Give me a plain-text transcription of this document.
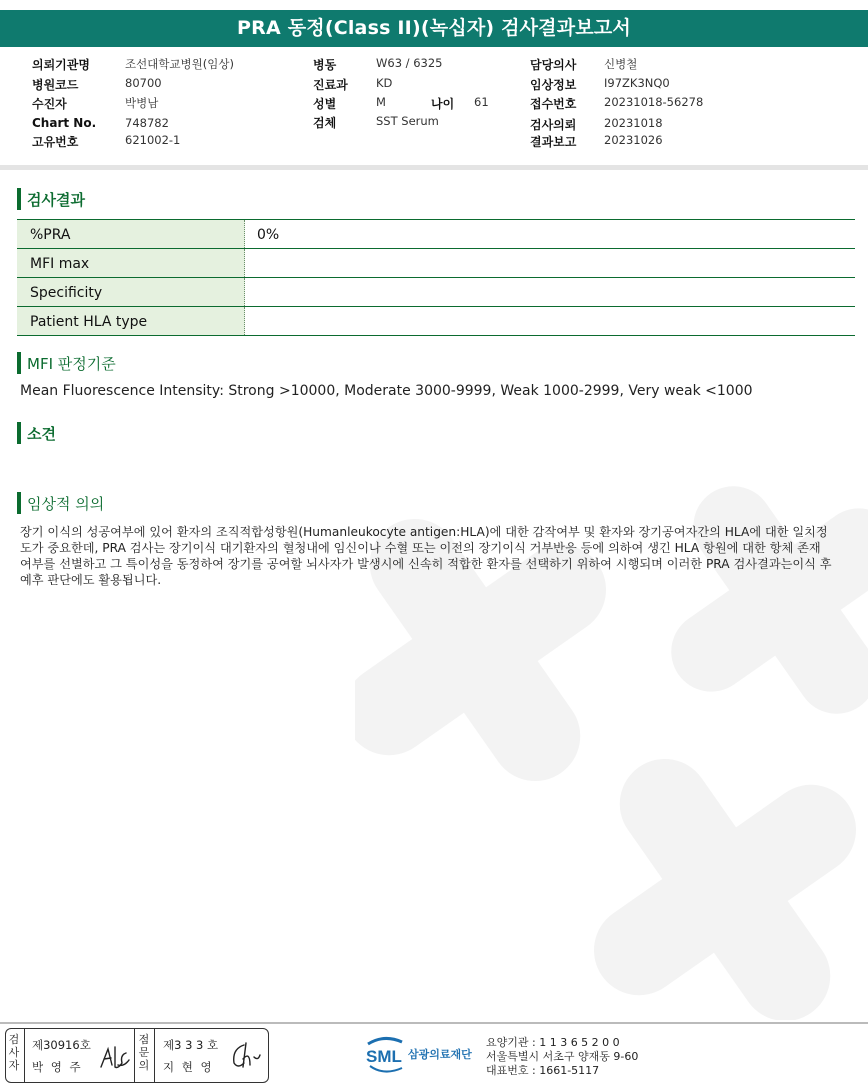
PRA 동정(Class II)(녹십자) 검사결과보고서
의뢰기관명	조선대학교병원(임상)
병원코드	80700
수진자	박병남
Chart No.	748782
고유번호	621002-1
병동	W63 / 6325
진료과 KD
성별	M	나이 61
검체	SST Serum
담당의사 신병철
임상정보 I97ZK3NQ0
접수번호 20231018-56278
검사의뢰 20231018
결과보고 20231026
검사결과
%PRA	0%
MFI max
Specificity
Patient HLA type
MFI 판정기준
Mean Fluorescence Intensity: Strong >10000, Moderate 3000-9999, Weak 1000-2999, Very weak <1000
소견
임상적 의의
장기 이식의 성공여부에 있어 환자의 조직적합성항원(Humanleukocyte antigen:HLA)에 대한 감작여부 및 환자와 장기공여자간의 HLA에 대한 일치정도가 중요한데, PRA 검사는 장기이식 대기환자의 혈청내에 임신이나 수혈 또는 이전의 장기이식 거부반응 등에 의하여 생긴 HLA 항원에 대한 항체 존재 여부를 선별하고 그 특이성을 동정하여 장기를 공여할 뇌사자가 발생시에 신속히 적합한 환자를 선택하기 위하여 시행되며 이러한 PRA 검사결과는이식 후 예후 판단에도 활용됩니다.
검
사
자
제30916호
박 영 주
점
문
의
제3 3 3 호
지 현 영
SML 삼광의료재단
요양기관 : 1 1 3 6 5 2 0 0
서울특별시 서초구 양재동 9-60
대표번호 : 1661-5117
